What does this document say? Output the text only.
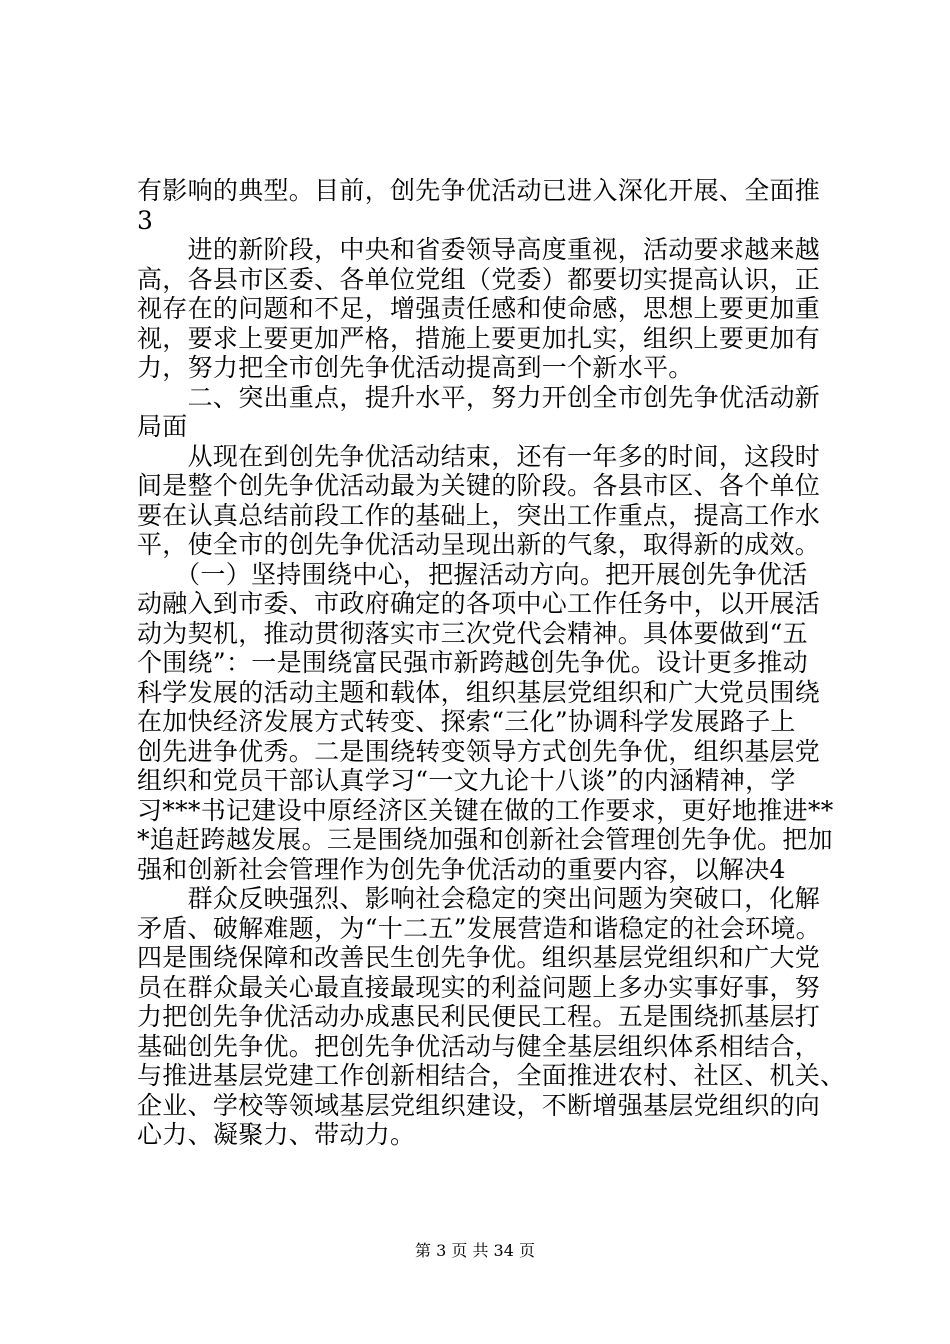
有影响的典型。目前，创先争优活动已进入深化开展、全面推
3
　　进的新阶段，中央和省委领导高度重视，活动要求越来越
高，各县市区委、各单位党组（党委）都要切实提高认识，正
视存在的问题和不足，增强责任感和使命感，思想上要更加重
视，要求上要更加严格，措施上要更加扎实，组织上要更加有
力，努力把全市创先争优活动提高到一个新水平。
　　二、突出重点，提升水平，努力开创全市创先争优活动新
局面
　　从现在到创先争优活动结束，还有一年多的时间，这段时
间是整个创先争优活动最为关键的阶段。各县市区、各个单位
要在认真总结前段工作的基础上，突出工作重点，提高工作水
平，使全市的创先争优活动呈现出新的气象，取得新的成效。
　　（一）坚持围绕中心，把握活动方向。把开展创先争优活
动融入到市委、市政府确定的各项中心工作任务中，以开展活
动为契机，推动贯彻落实市三次党代会精神。具体要做到“五
个围绕”：一是围绕富民强市新跨越创先争优。设计更多推动
科学发展的活动主题和载体，组织基层党组织和广大党员围绕
在加快经济发展方式转变、探索“三化”协调科学发展路子上
创先进争优秀。二是围绕转变领导方式创先争优，组织基层党
组织和党员干部认真学习“一文九论十八谈”的内涵精神，学
习***书记建设中原经济区关键在做的工作要求，更好地推进**
*追赶跨越发展。三是围绕加强和创新社会管理创先争优。把加
强和创新社会管理作为创先争优活动的重要内容，以解决4
　　群众反映强烈、影响社会稳定的突出问题为突破口，化解
矛盾、破解难题，为“十二五”发展营造和谐稳定的社会环境。
四是围绕保障和改善民生创先争优。组织基层党组织和广大党
员在群众最关心最直接最现实的利益问题上多办实事好事，努
力把创先争优活动办成惠民利民便民工程。五是围绕抓基层打
基础创先争优。把创先争优活动与健全基层组织体系相结合，
与推进基层党建工作创新相结合，全面推进农村、社区、机关、
企业、学校等领域基层党组织建设，不断增强基层党组织的向
心力、凝聚力、带动力。
第 3 页 共 34 页
